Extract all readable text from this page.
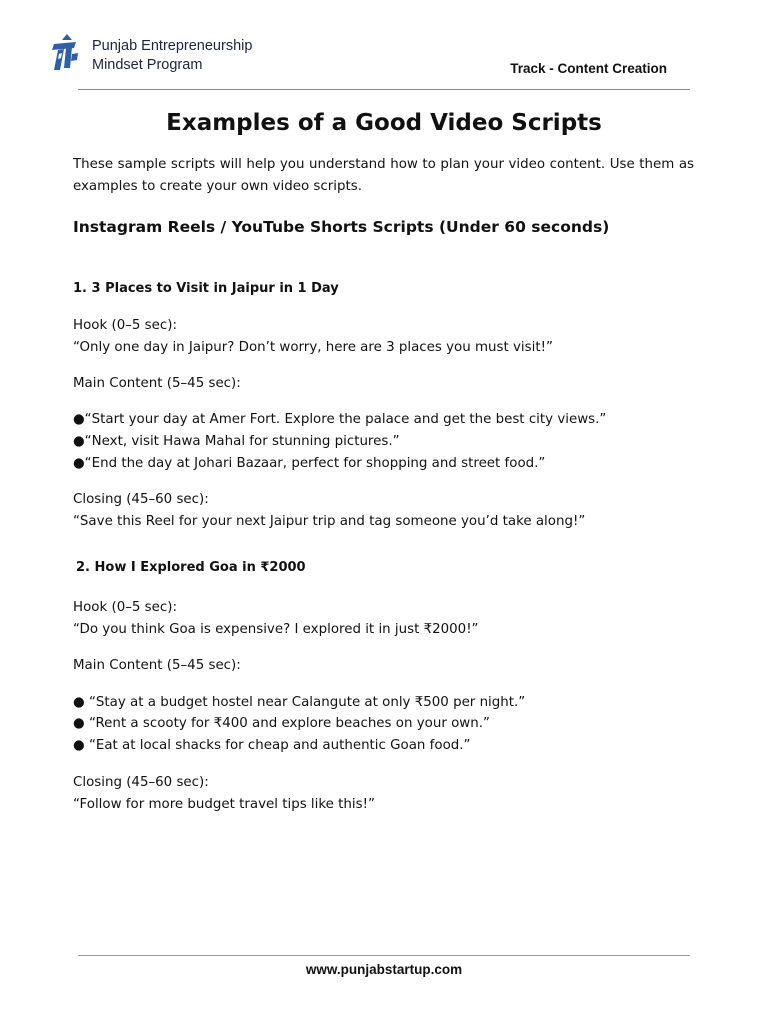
Punjab Entrepreneurship
Mindset Program	Track - Content Creation
Examples of a Good Video Scripts
These sample scripts will help you understand how to plan your video content. Use them as examples to create your own video scripts.
Instagram Reels / YouTube Shorts Scripts (Under 60 seconds)
1. 3 Places to Visit in Jaipur in 1 Day
Hook (0–5 sec):
“Only one day in Jaipur? Don’t worry, here are 3 places you must visit!”
Main Content (5–45 sec):
●“Start your day at Amer Fort. Explore the palace and get the best city views.”
●“Next, visit Hawa Mahal for stunning pictures.”
●“End the day at Johari Bazaar, perfect for shopping and street food.”
Closing (45–60 sec):
“Save this Reel for your next Jaipur trip and tag someone you’d take along!”
2. How I Explored Goa in ₹2000
Hook (0–5 sec):
“Do you think Goa is expensive? I explored it in just ₹2000!”
Main Content (5–45 sec):
● “Stay at a budget hostel near Calangute at only ₹500 per night.”
● “Rent a scooty for ₹400 and explore beaches on your own.”
● “Eat at local shacks for cheap and authentic Goan food.”
Closing (45–60 sec):
“Follow for more budget travel tips like this!”
www.punjabstartup.com
